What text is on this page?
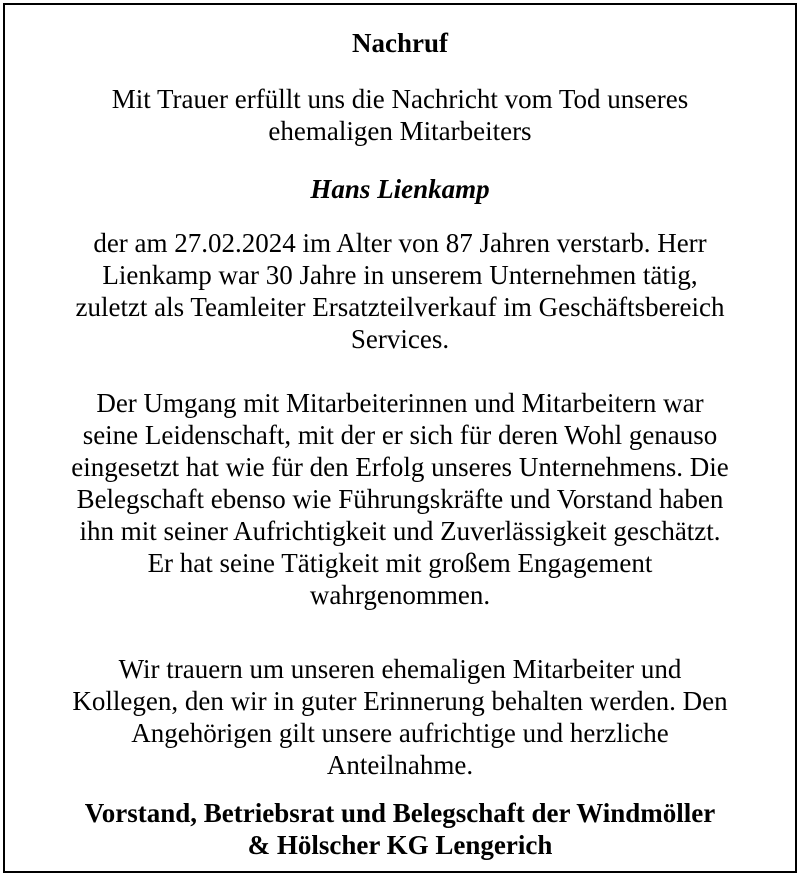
Nachruf
Mit Trauer erfüllt uns die Nachricht vom Tod unseres
ehemaligen Mitarbeiters
Hans Lienkamp
der am 27.02.2024 im Alter von 87 Jahren verstarb. Herr
Lienkamp war 30 Jahre in unserem Unternehmen tätig,
zuletzt als Teamleiter Ersatzteilverkauf im Geschäftsbereich
Services.
Der Umgang mit Mitarbeiterinnen und Mitarbeitern war
seine Leidenschaft, mit der er sich für deren Wohl genauso
eingesetzt hat wie für den Erfolg unseres Unternehmens. Die
Belegschaft ebenso wie Führungskräfte und Vorstand haben
ihn mit seiner Aufrichtigkeit und Zuverlässigkeit geschätzt.
Er hat seine Tätigkeit mit großem Engagement
wahrgenommen.
Wir trauern um unseren ehemaligen Mitarbeiter und
Kollegen, den wir in guter Erinnerung behalten werden. Den
Angehörigen gilt unsere aufrichtige und herzliche
Anteilnahme.
Vorstand, Betriebsrat und Belegschaft der Windmöller
& Hölscher KG Lengerich
